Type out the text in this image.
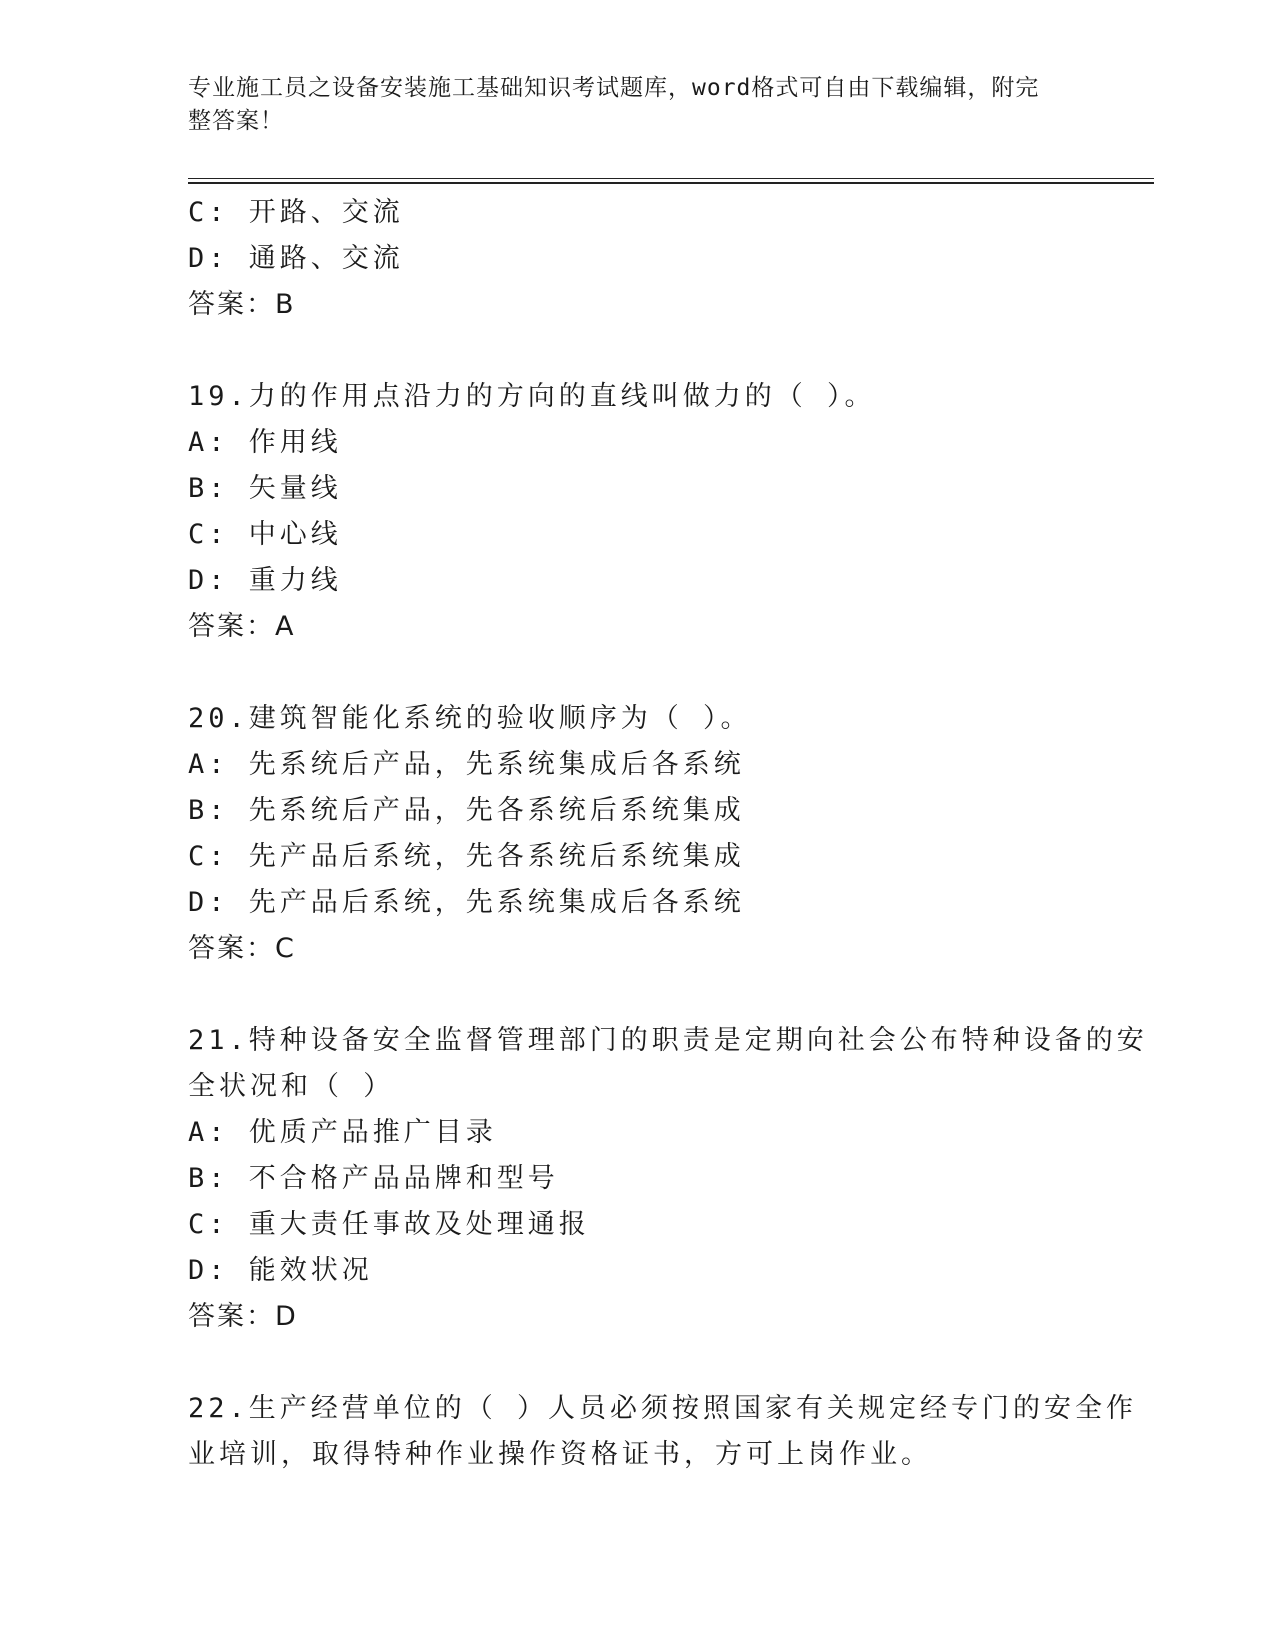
专业施工员之设备安装施工基础知识考试题库，word格式可自由下载编辑，附完
整答案！
C: 开路、交流
D: 通路、交流
答案：B
19.力的作用点沿力的方向的直线叫做力的（ ）。
A: 作用线
B: 矢量线
C: 中心线
D: 重力线
答案：A
20.建筑智能化系统的验收顺序为（ ）。
A: 先系统后产品，先系统集成后各系统
B: 先系统后产品，先各系统后系统集成
C: 先产品后系统，先各系统后系统集成
D: 先产品后系统，先系统集成后各系统
答案：C
21.特种设备安全监督管理部门的职责是定期向社会公布特种设备的安
全状况和（ ）
A: 优质产品推广目录
B: 不合格产品品牌和型号
C: 重大责任事故及处理通报
D: 能效状况
答案：D
22.生产经营单位的（ ）人员必须按照国家有关规定经专门的安全作
业培训，取得特种作业操作资格证书，方可上岗作业。
